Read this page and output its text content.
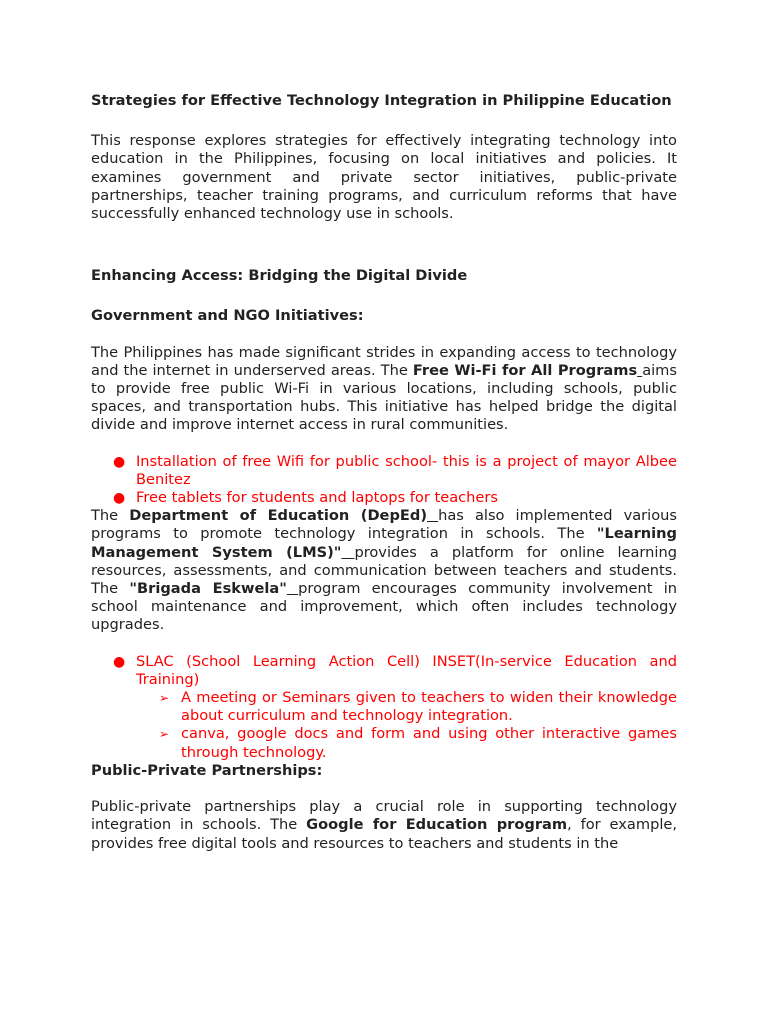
Strategies for Effective Technology Integration in Philippine Education

This response explores strategies for effectively integrating technology into education in the Philippines, focusing on local initiatives and policies. It examines government and private sector initiatives, public-private partnerships, teacher training programs, and curriculum reforms that have successfully enhanced technology use in schools.

Enhancing Access: Bridging the Digital Divide

Government and NGO Initiatives:

The Philippines has made significant strides in expanding access to technology and the internet in underserved areas. The Free Wi-Fi for All Programs aims to provide free public Wi-Fi in various locations, including schools, public spaces, and transportation hubs. This initiative has helped bridge the digital divide and improve internet access in rural communities.

● Installation of free Wifi for public school- this is a project of mayor Albee Benitez
● Free tablets for students and laptops for teachers

The Department of Education (DepEd) has also implemented various programs to promote technology integration in schools. The "Learning Management System (LMS)" provides a platform for online learning resources, assessments, and communication between teachers and students. The "Brigada Eskwela" program encourages community involvement in school maintenance and improvement, which often includes technology upgrades.

● SLAC (School Learning Action Cell) INSET(In-service Education and Training)
➢ A meeting or Seminars given to teachers to widen their knowledge about curriculum and technology integration.
➢ canva, google docs and form and using other interactive games through technology.

Public-Private Partnerships:

Public-private partnerships play a crucial role in supporting technology integration in schools. The Google for Education program, for example, provides free digital tools and resources to teachers and students in the
